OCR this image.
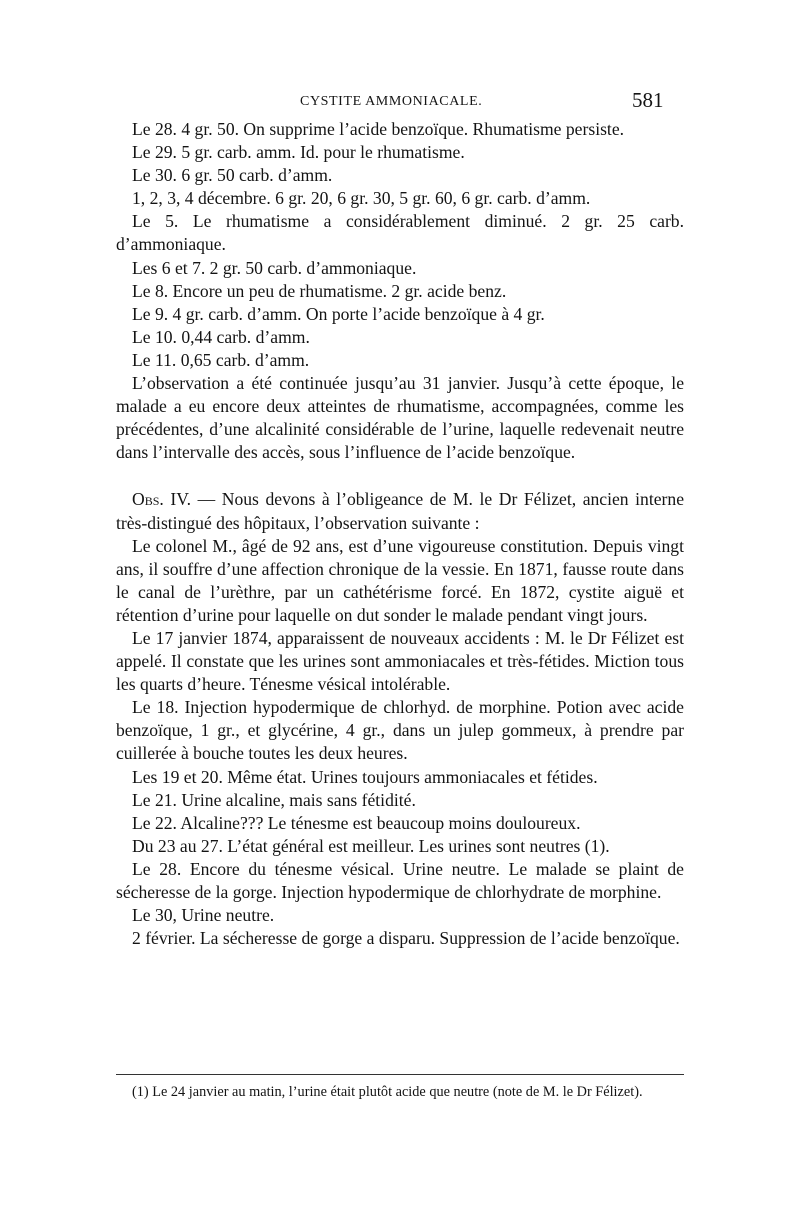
CYSTITE AMMONIACALE.	581

Le 28. 4 gr. 50. On supprime l’acide benzoïque. Rhumatisme persiste.

Le 29. 5 gr. carb. amm. Id. pour le rhumatisme.

Le 30. 6 gr. 50 carb. d’amm.

1, 2, 3, 4 décembre. 6 gr. 20, 6 gr. 30, 5 gr. 60, 6 gr. carb. d’amm.

Le 5. Le rhumatisme a considérablement diminué. 2 gr. 25 carb. d’ammoniaque.

Les 6 et 7. 2 gr. 50 carb. d’ammoniaque.

Le 8. Encore un peu de rhumatisme. 2 gr. acide benz.

Le 9. 4 gr. carb. d’amm. On porte l’acide benzoïque à 4 gr.

Le 10. 0,44 carb. d’amm.

Le 11. 0,65 carb. d’amm.

L’observation a été continuée jusqu’au 31 janvier. Jusqu’à cette époque, le malade a eu encore deux atteintes de rhumatisme, accompagnées, comme les précédentes, d’une alcalinité considérable de l’urine, laquelle redevenait neutre dans l’intervalle des accès, sous l’influence de l’acide benzoïque.

Obs. IV. — Nous devons à l’obligeance de M. le Dr Félizet, ancien interne très-distingué des hôpitaux, l’observation suivante :

Le colonel M., âgé de 92 ans, est d’une vigoureuse constitution. Depuis vingt ans, il souffre d’une affection chronique de la vessie. En 1871, fausse route dans le canal de l’urèthre, par un cathétérisme forcé. En 1872, cystite aiguë et rétention d’urine pour laquelle on dut sonder le malade pendant vingt jours.

Le 17 janvier 1874, apparaissent de nouveaux accidents : M. le Dr Félizet est appelé. Il constate que les urines sont ammoniacales et très-fétides. Miction tous les quarts d’heure. Ténesme vésical intolérable.

Le 18. Injection hypodermique de chlorhyd. de morphine. Potion avec acide benzoïque, 1 gr., et glycérine, 4 gr., dans un julep gommeux, à prendre par cuillerée à bouche toutes les deux heures.

Les 19 et 20. Même état. Urines toujours ammoniacales et fétides.

Le 21. Urine alcaline, mais sans fétidité.

Le 22. Alcaline??? Le ténesme est beaucoup moins douloureux.

Du 23 au 27. L’état général est meilleur. Les urines sont neutres (1).

Le 28. Encore du ténesme vésical. Urine neutre. Le malade se plaint de sécheresse de la gorge. Injection hypodermique de chlorhydrate de morphine.

Le 30, Urine neutre.

2 février. La sécheresse de gorge a disparu. Suppression de l’acide benzoïque.

(1) Le 24 janvier au matin, l’urine était plutôt acide que neutre (note de M. le Dr Félizet).
